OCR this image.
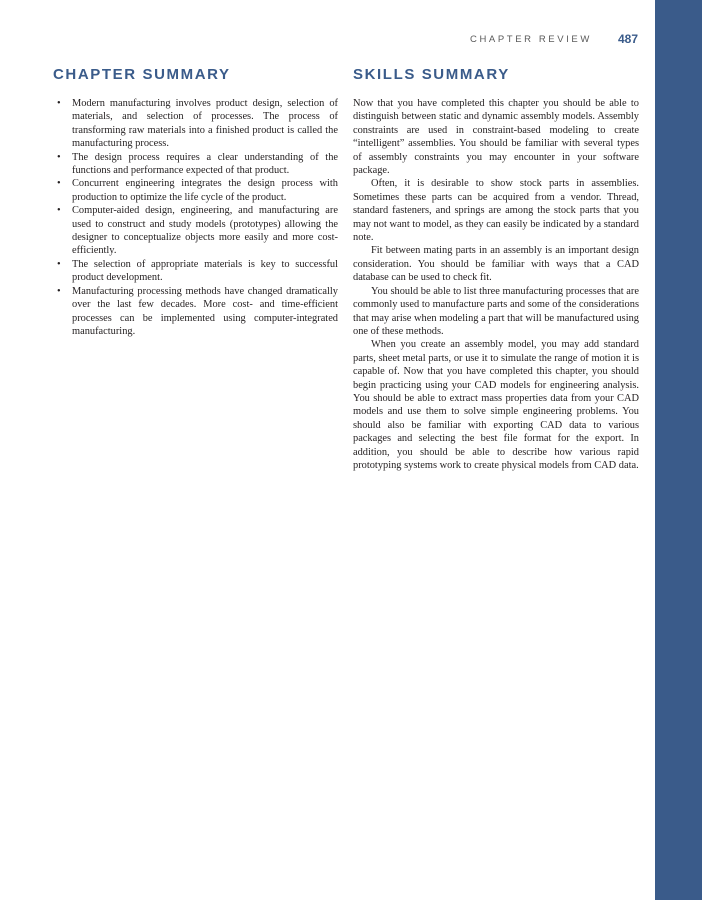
CHAPTER REVIEW 487
CHAPTER SUMMARY
• Modern manufacturing involves product design, selection of materials, and selection of processes. The process of transforming raw materials into a finished product is called the manufacturing process.
• The design process requires a clear understanding of the functions and performance expected of that product.
• Concurrent engineering integrates the design process with production to optimize the life cycle of the product.
• Computer-aided design, engineering, and manufacturing are used to construct and study models (prototypes) allowing the designer to conceptualize objects more easily and more cost-efficiently.
• The selection of appropriate materials is key to successful product development.
• Manufacturing processing methods have changed dramatically over the last few decades. More cost- and time-efficient processes can be implemented using computer-integrated manufacturing.
SKILLS SUMMARY

Now that you have completed this chapter you should be able to distinguish between static and dynamic assembly models. Assembly constraints are used in constraint-based modeling to create “intelligent” assemblies. You should be familiar with several types of assembly constraints you may encounter in your software package.

Often, it is desirable to show stock parts in assemblies. Sometimes these parts can be acquired from a vendor. Thread, standard fasteners, and springs are among the stock parts that you may not want to model, as they can easily be indicated by a standard note.

Fit between mating parts in an assembly is an important design consideration. You should be familiar with ways that a CAD database can be used to check fit.

You should be able to list three manufacturing processes that are commonly used to manufacture parts and some of the considerations that may arise when modeling a part that will be manufactured using one of these methods.

When you create an assembly model, you may add standard parts, sheet metal parts, or use it to simulate the range of motion it is capable of. Now that you have completed this chapter, you should begin practicing using your CAD models for engineering analysis. You should be able to extract mass properties data from your CAD models and use them to solve simple engineering problems. You should also be familiar with exporting CAD data to various packages and selecting the best file format for the export. In addition, you should be able to describe how various rapid prototyping systems work to create physical models from CAD data.
